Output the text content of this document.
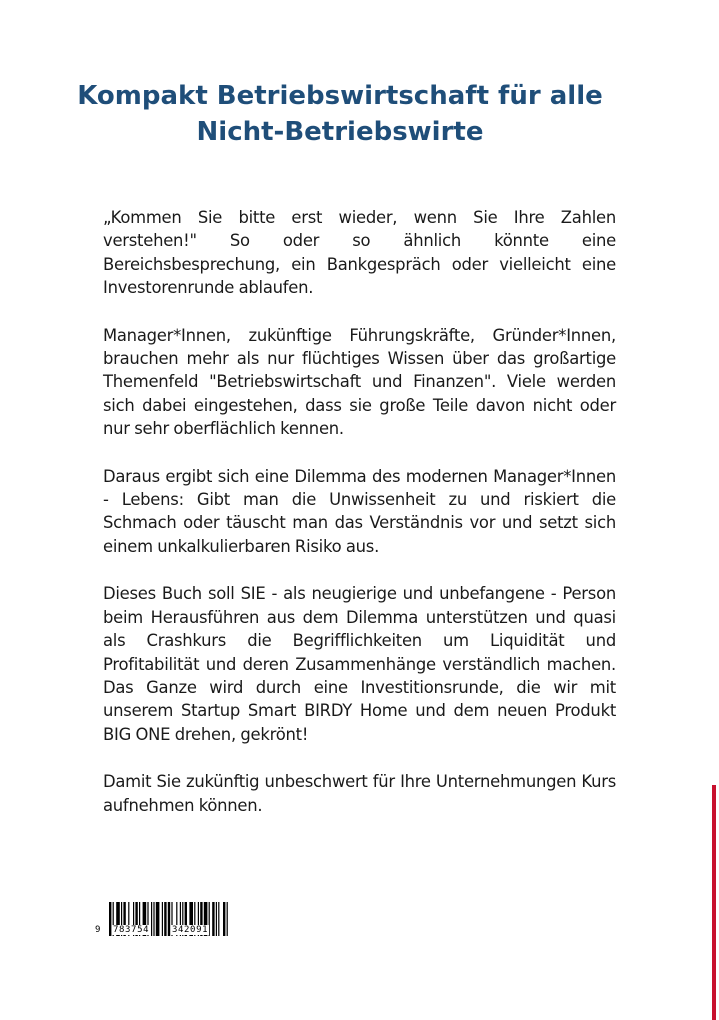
Kompakt Betriebswirtschaft für alle
Nicht-Betriebswirte

„Kommen Sie bitte erst wieder, wenn Sie Ihre Zahlen verstehen!" So oder so ähnlich könnte eine Bereichsbesprechung, ein Bankgespräch oder vielleicht eine Investorenrunde ablaufen.

Manager*Innen, zukünftige Führungskräfte, Gründer*Innen, brauchen mehr als nur flüchtiges Wissen über das großartige Themenfeld "Betriebswirtschaft und Finanzen". Viele werden sich dabei eingestehen, dass sie große Teile davon nicht oder nur sehr oberflächlich kennen.

Daraus ergibt sich eine Dilemma des modernen Manager*Innen - Lebens: Gibt man die Unwissenheit zu und riskiert die Schmach oder täuscht man das Verständnis vor und setzt sich einem unkalkulierbaren Risiko aus.

Dieses Buch soll SIE - als neugierige und unbefangene - Person beim Herausführen aus dem Dilemma unterstützen und quasi als Crashkurs die Begrifflichkeiten um Liquidität und Profitabilität und deren Zusammenhänge verständlich machen. Das Ganze wird durch eine Investitionsrunde, die wir mit unserem Startup Smart BIRDY Home und dem neuen Produkt BIG ONE drehen, gekrönt!

Damit Sie zukünftig unbeschwert für Ihre Unternehmungen Kurs aufnehmen können.

9

783754

	342091
